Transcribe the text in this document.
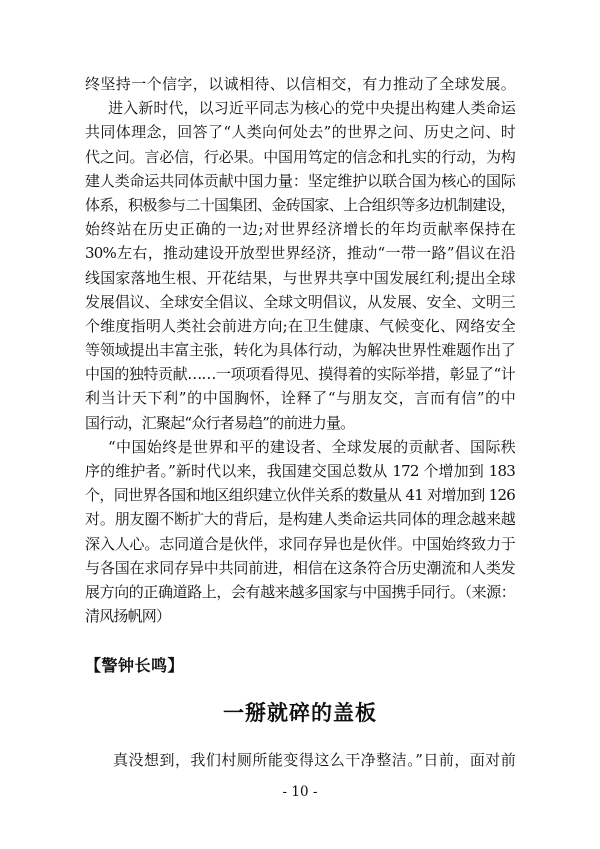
终坚持一个信字，以诚相待、以信相交，有力推动了全球发展。
进入新时代，以习近平同志为核心的党中央提出构建人类命运
共同体理念，回答了“人类向何处去”的世界之问、历史之问、时
代之问。言必信，行必果。中国用笃定的信念和扎实的行动，为构
建人类命运共同体贡献中国力量：坚定维护以联合国为核心的国际
体系，积极参与二十国集团、金砖国家、上合组织等多边机制建设，
始终站在历史正确的一边;对世界经济增长的年均贡献率保持在
30%左右，推动建设开放型世界经济，推动“一带一路”倡议在沿
线国家落地生根、开花结果，与世界共享中国发展红利;提出全球
发展倡议、全球安全倡议、全球文明倡议，从发展、安全、文明三
个维度指明人类社会前进方向;在卫生健康、气候变化、网络安全
等领域提出丰富主张，转化为具体行动，为解决世界性难题作出了
中国的独特贡献……一项项看得见、摸得着的实际举措，彰显了“计
利当计天下利”的中国胸怀，诠释了“与朋友交，言而有信”的中
国行动，汇聚起“众行者易趋”的前进力量。
“中国始终是世界和平的建设者、全球发展的贡献者、国际秩
序的维护者。”新时代以来，我国建交国总数从 172 个增加到 183
个，同世界各国和地区组织建立伙伴关系的数量从 41 对增加到 126
对。朋友圈不断扩大的背后，是构建人类命运共同体的理念越来越
深入人心。志同道合是伙伴，求同存异也是伙伴。中国始终致力于
与各国在求同存异中共同前进，相信在这条符合历史潮流和人类发
展方向的正确道路上，会有越来越多国家与中国携手同行。（来源：
清风扬帆网）
【警钟长鸣】
一掰就碎的盖板
真没想到，我们村厕所能变得这么干净整洁。”日前，面对前
- 10 -
